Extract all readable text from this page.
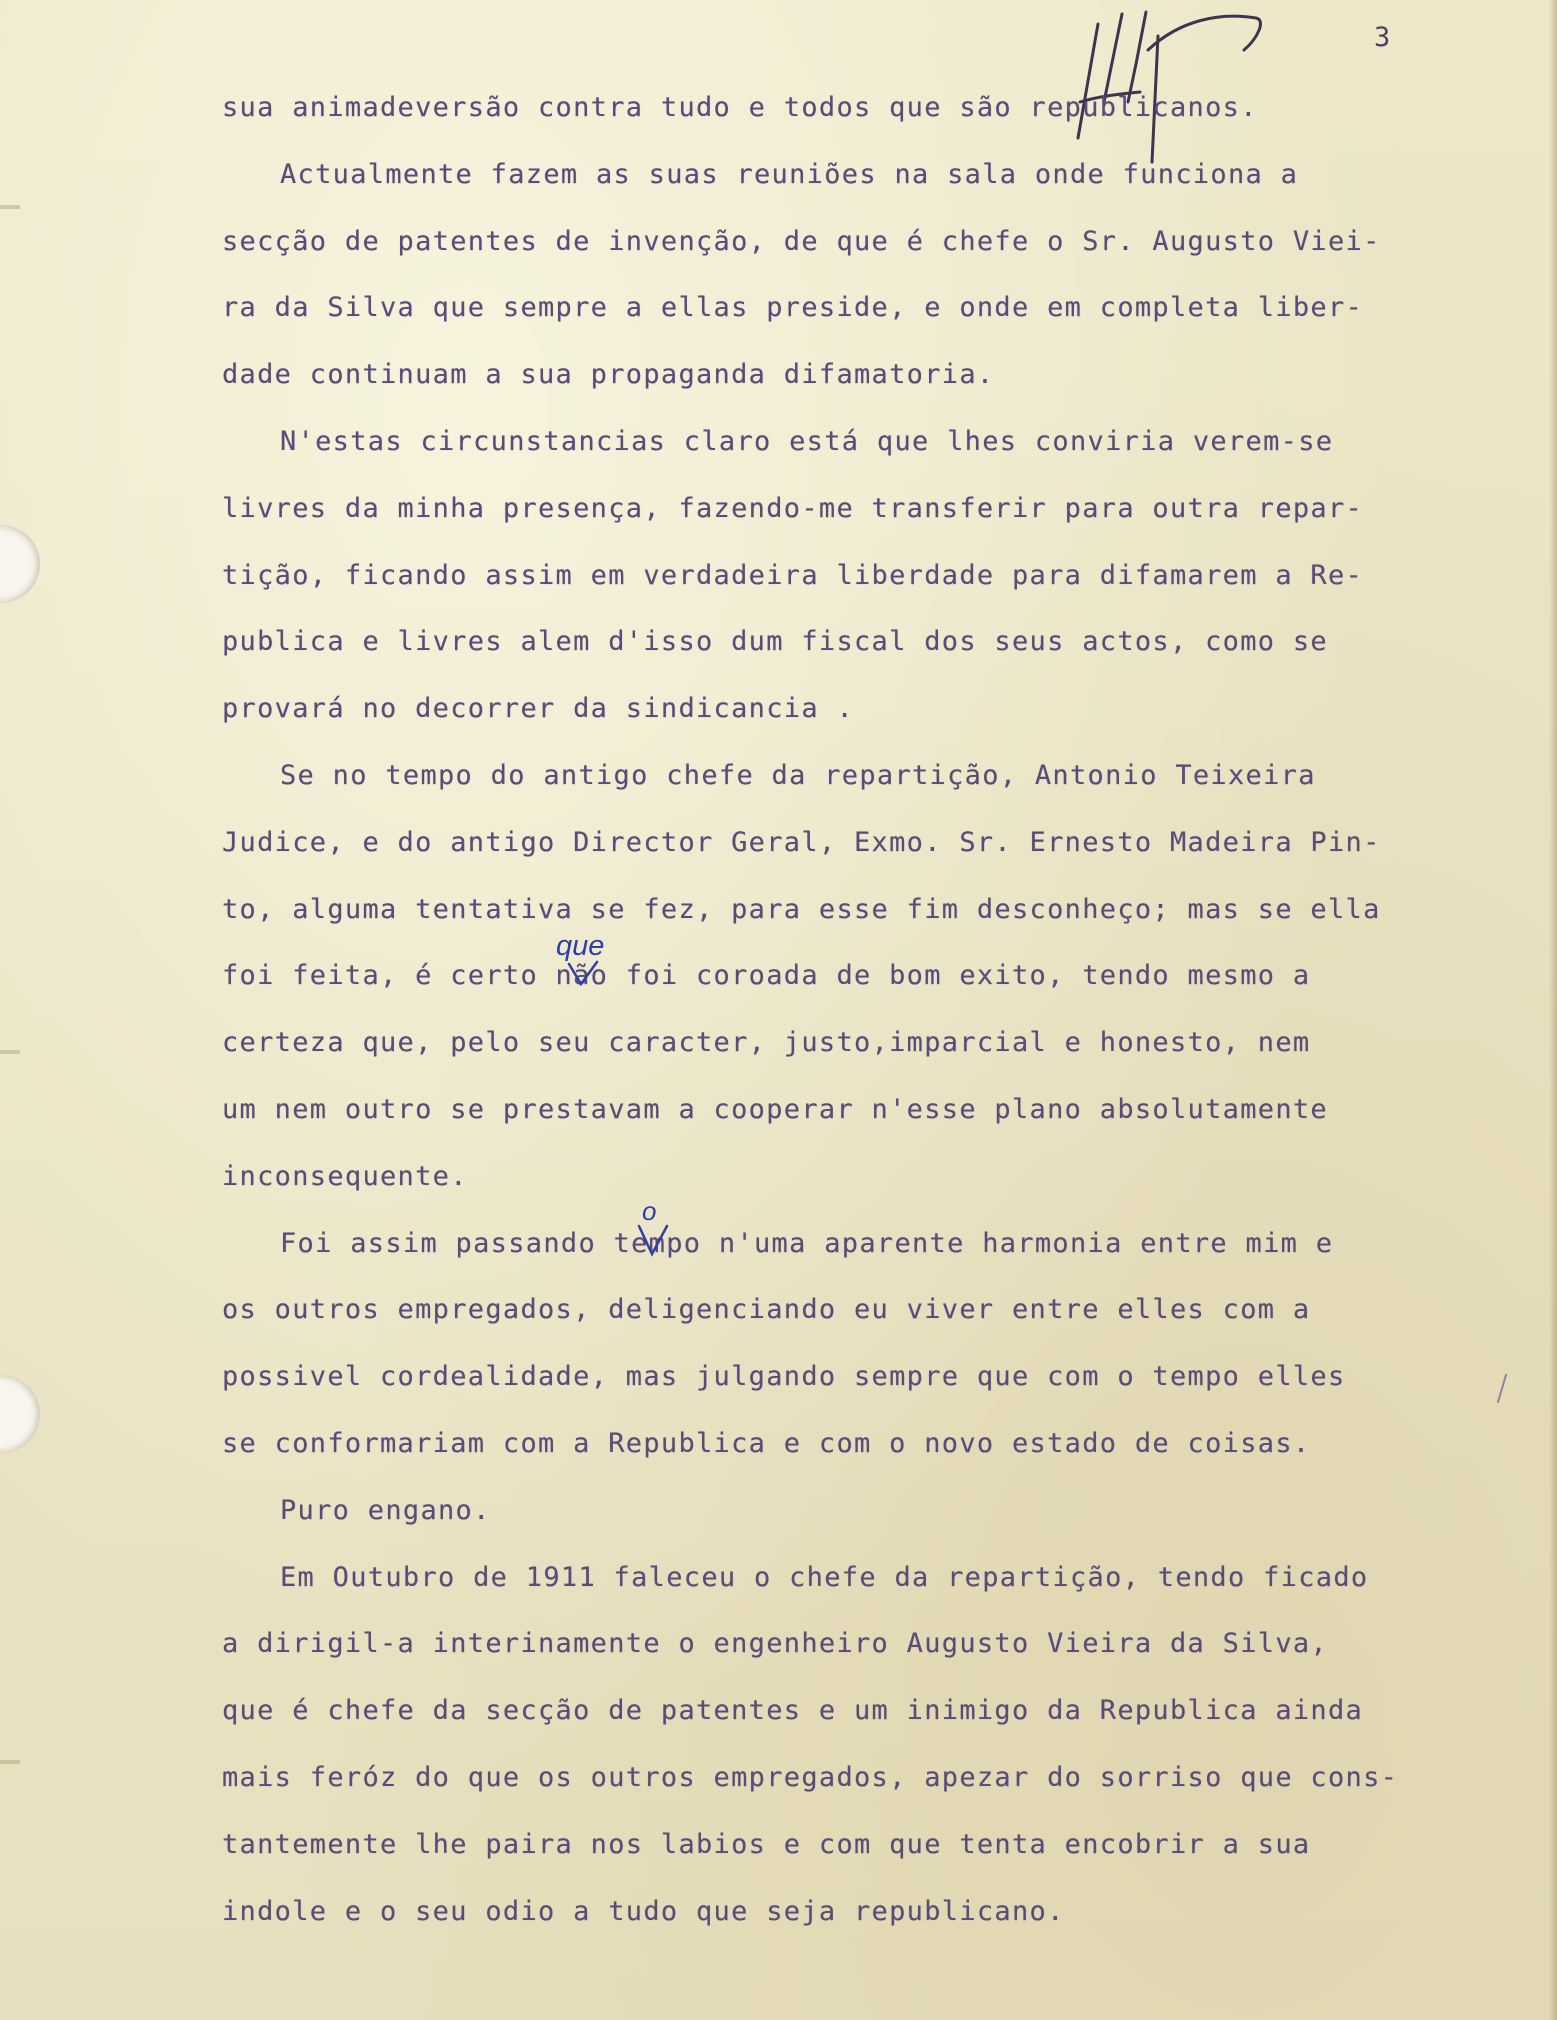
3
sua animadeversão contra tudo e todos que são republicanos.
Actualmente fazem as suas reuniões na sala onde funciona a
secção de patentes de invenção, de que é chefe o Sr. Augusto Viei-
ra da Silva que sempre a ellas preside, e onde em completa liber-
dade continuam a sua propaganda difamatoria.
N'estas circunstancias claro está que lhes conviria verem-se
livres da minha presença, fazendo-me transferir para outra repar-
tição, ficando assim em verdadeira liberdade para difamarem a Re-
publica e livres alem d'isso dum fiscal dos seus actos, como se
provará no decorrer da sindicancia .
Se no tempo do antigo chefe da repartição, Antonio Teixeira
Judice, e do antigo Director Geral, Exmo. Sr. Ernesto Madeira Pin-
to, alguma tentativa se fez, para esse fim desconheço; mas se ella
foi feita, é certo não foi coroada de bom exito, tendo mesmo a
certeza que, pelo seu caracter, justo,imparcial e honesto, nem
um nem outro se prestavam a cooperar n'esse plano absolutamente
inconsequente.
Foi assim passando tempo n'uma aparente harmonia entre mim e
os outros empregados, deligenciando eu viver entre elles com a
possivel cordealidade, mas julgando sempre que com o tempo elles
se conformariam com a Republica e com o novo estado de coisas.
Puro engano.
Em Outubro de 1911 faleceu o chefe da repartição, tendo ficado
a dirigil-a interinamente o engenheiro Augusto Vieira da Silva,
que é chefe da secção de patentes e um inimigo da Republica ainda
mais feróz do que os outros empregados, apezar do sorriso que cons-
tantemente lhe paira nos labios e com que tenta encobrir a sua
indole e o seu odio a tudo que seja republicano.
que
o
